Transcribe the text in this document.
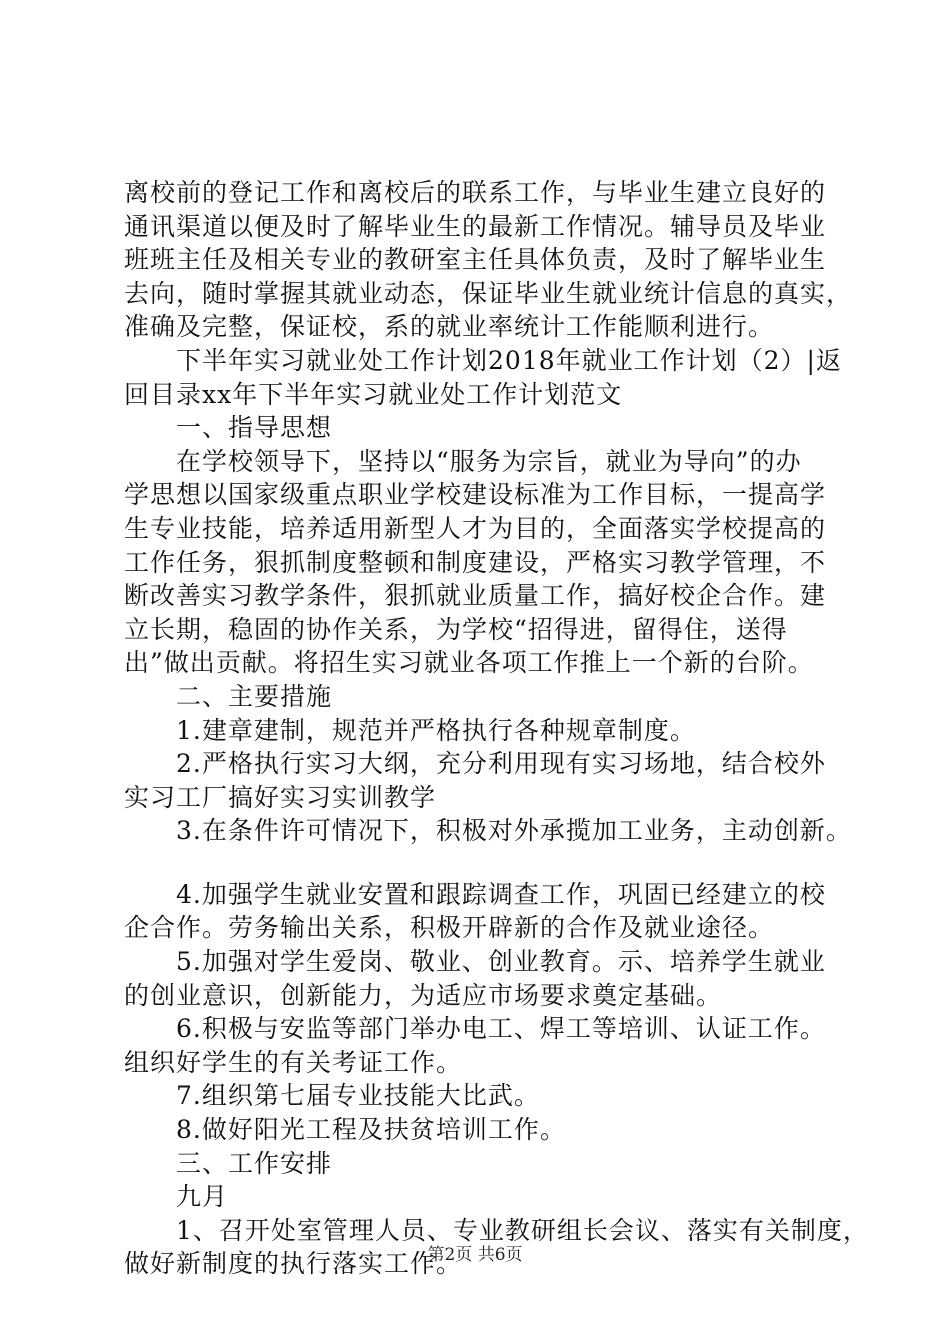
离校前的登记工作和离校后的联系工作，与毕业生建立良好的
通讯渠道以便及时了解毕业生的最新工作情况。辅导员及毕业
班班主任及相关专业的教研室主任具体负责，及时了解毕业生
去向，随时掌握其就业动态，保证毕业生就业统计信息的真实，
准确及完整，保证校，系的就业率统计工作能顺利进行。
下半年实习就业处工作计划2018年就业工作计划（2）|返
回目录xx年下半年实习就业处工作计划范文
一、指导思想
在学校领导下，坚持以“服务为宗旨，就业为导向”的办
学思想以国家级重点职业学校建设标准为工作目标，一提高学
生专业技能，培养适用新型人才为目的，全面落实学校提高的
工作任务，狠抓制度整顿和制度建设，严格实习教学管理，不
断改善实习教学条件，狠抓就业质量工作，搞好校企合作。建
立长期，稳固的协作关系，为学校“招得进，留得住，送得
出”做出贡献。将招生实习就业各项工作推上一个新的台阶。
二、主要措施
1.建章建制，规范并严格执行各种规章制度。
2.严格执行实习大纲，充分利用现有实习场地，结合校外
实习工厂搞好实习实训教学
3.在条件许可情况下，积极对外承揽加工业务，主动创新。
4.加强学生就业安置和跟踪调查工作，巩固已经建立的校
企合作。劳务输出关系，积极开辟新的合作及就业途径。
5.加强对学生爱岗、敬业、创业教育。示、培养学生就业
的创业意识，创新能力，为适应市场要求奠定基础。
6.积极与安监等部门举办电工、焊工等培训、认证工作。
组织好学生的有关考证工作。
7.组织第七届专业技能大比武。
8.做好阳光工程及扶贫培训工作。
三、工作安排
九月
1、召开处室管理人员、专业教研组长会议、落实有关制度，
做好新制度的执行落实工作。
第2页 共6页
